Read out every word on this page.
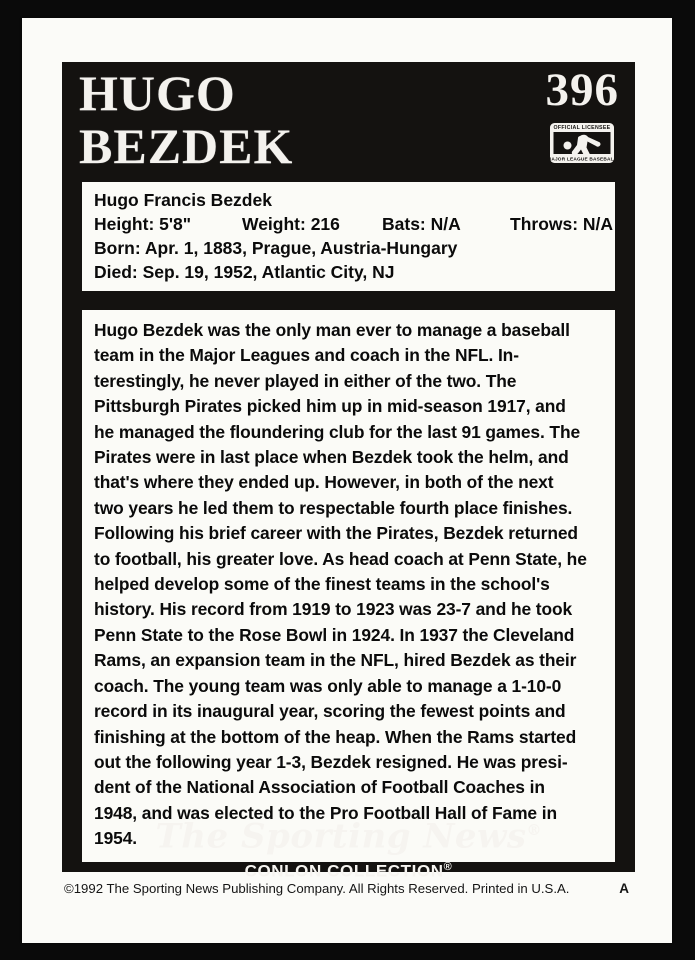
HUGO
BEZDEK
396
OFFICIAL LICENSEE
MAJOR LEAGUE BASEBALL
Hugo Francis Bezdek
Height: 5'8"	Weight: 216 Bats: N/A	Throws: N/A
Born: Apr. 1, 1883, Prague, Austria-Hungary
Died: Sep. 19, 1952, Atlantic City, NJ
Hugo Bezdek was the only man ever to manage a baseball
team in the Major Leagues and coach in the NFL. In-
terestingly, he never played in either of the two. The
Pittsburgh Pirates picked him up in mid-season 1917, and
he managed the floundering club for the last 91 games. The
Pirates were in last place when Bezdek took the helm, and
that's where they ended up. However, in both of the next
two years he led them to respectable fourth place finishes.
Following his brief career with the Pirates, Bezdek returned
to football, his greater love. As head coach at Penn State, he
helped develop some of the finest teams in the school's
history. His record from 1919 to 1923 was 23-7 and he took
Penn State to the Rose Bowl in 1924. In 1937 the Cleveland
Rams, an expansion team in the NFL, hired Bezdek as their
coach. The young team was only able to manage a 1-10-0
record in its inaugural year, scoring the fewest points and
finishing at the bottom of the heap. When the Rams started
out the following year 1-3, Bezdek resigned. He was presi-
dent of the National Association of Football Coaches in
1948, and was elected to the Pro Football Hall of Fame in
1954. The Sporting News®
CONLON COLLECTION®
©1992 The Sporting News Publishing Company. All Rights Reserved. Printed in U.S.A.	A
